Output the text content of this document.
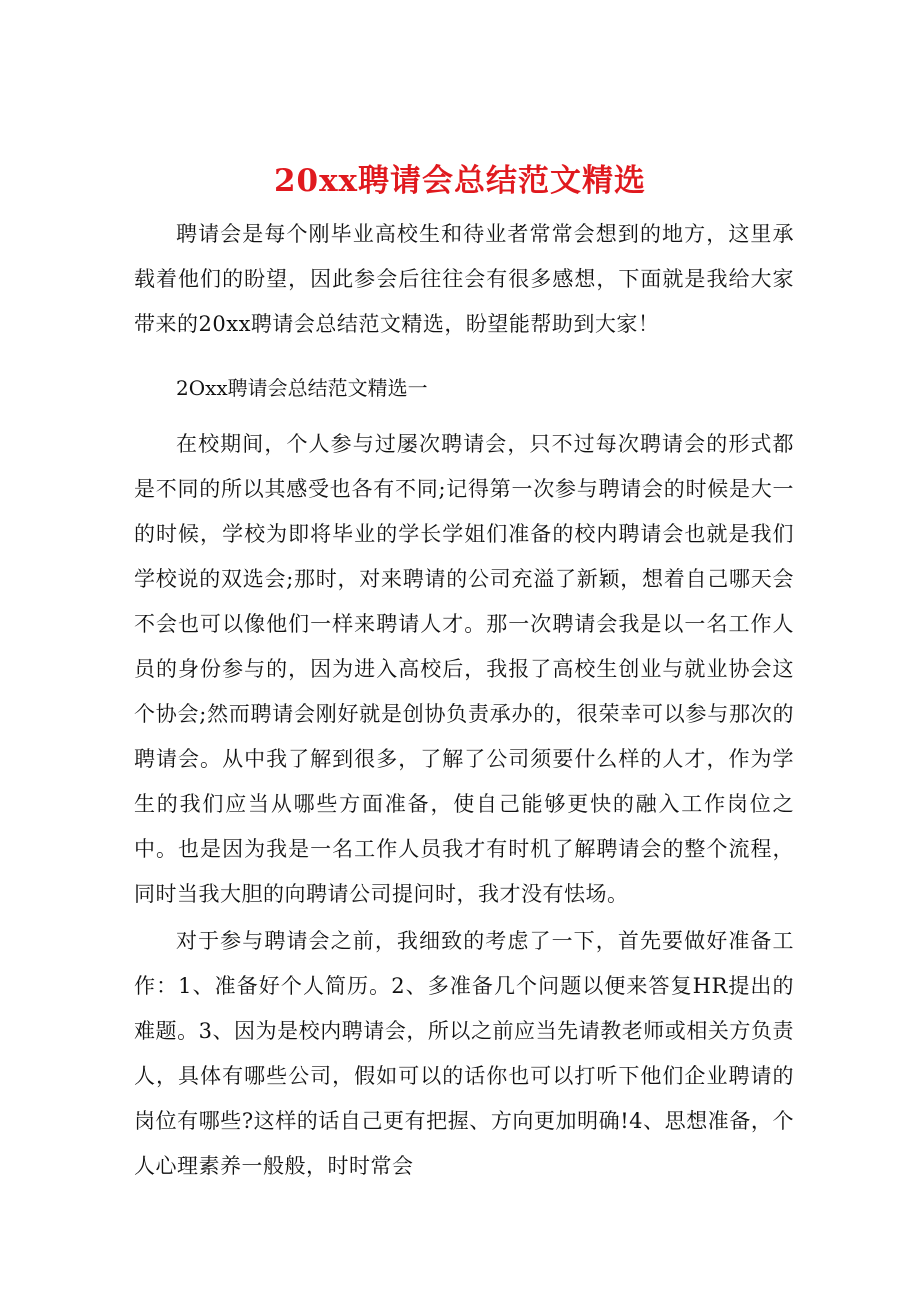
20xx聘请会总结范文精选

聘请会是每个刚毕业高校生和待业者常常会想到的地方，这里承载着他们的盼望，因此参会后往往会有很多感想，下面就是我给大家带来的20xx聘请会总结范文精选，盼望能帮助到大家！

2Oxx聘请会总结范文精选一

在校期间，个人参与过屡次聘请会，只不过每次聘请会的形式都是不同的所以其感受也各有不同;记得第一次参与聘请会的时候是大一的时候，学校为即将毕业的学长学姐们准备的校内聘请会也就是我们学校说的双选会;那时，对来聘请的公司充溢了新颖，想着自己哪天会不会也可以像他们一样来聘请人才。那一次聘请会我是以一名工作人员的身份参与的，因为进入高校后，我报了高校生创业与就业协会这个协会;然而聘请会刚好就是创协负责承办的，很荣幸可以参与那次的聘请会。从中我了解到很多，了解了公司须要什么样的人才，作为学生的我们应当从哪些方面准备，使自己能够更快的融入工作岗位之中。也是因为我是一名工作人员我才有时机了解聘请会的整个流程，同时当我大胆的向聘请公司提问时，我才没有怯场。

对于参与聘请会之前，我细致的考虑了一下，首先要做好准备工作：1、准备好个人简历。2、多准备几个问题以便来答复HR提出的难题。3、因为是校内聘请会，所以之前应当先请教老师或相关方负责人，具体有哪些公司，假如可以的话你也可以打听下他们企业聘请的岗位有哪些?这样的话自己更有把握、方向更加明确!4、思想准备，个人心理素养一般般，时时常会
